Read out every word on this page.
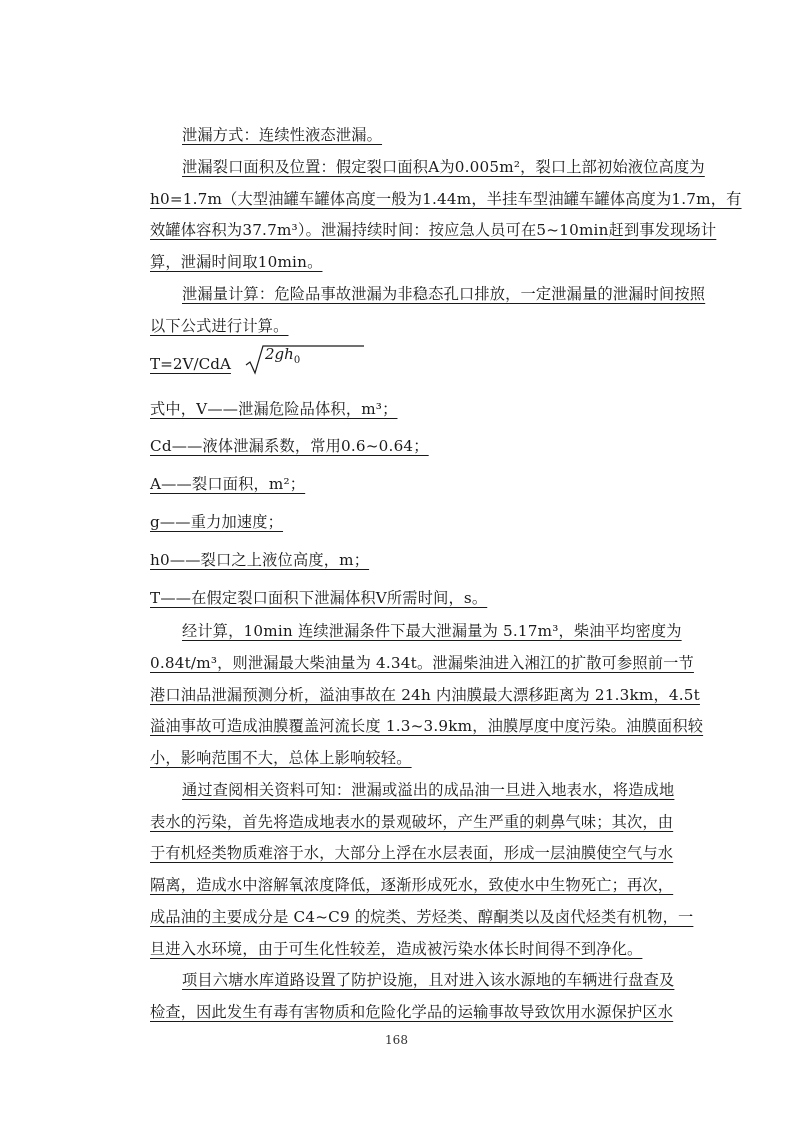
泄漏方式：连续性液态泄漏。
泄漏裂口面积及位置：假定裂口面积A为0.005m²，裂口上部初始液位高度为
h0=1.7m（大型油罐车罐体高度一般为1.44m，半挂车型油罐车罐体高度为1.7m，有
效罐体容积为37.7m³）。泄漏持续时间：按应急人员可在5~10min赶到事发现场计
算，泄漏时间取10min。
泄漏量计算：危险品事故泄漏为非稳态孔口排放，一定泄漏量的泄漏时间按照
以下公式进行计算。
T=2V/CdA
$2gh_0$
式中，V——泄漏危险品体积，m³；
Cd——液体泄漏系数，常用0.6~0.64；
A——裂口面积，m²；
g——重力加速度；
h0——裂口之上液位高度，m；
T——在假定裂口面积下泄漏体积V所需时间，s。
经计算，10min 连续泄漏条件下最大泄漏量为 5.17m³，柴油平均密度为
0.84t/m³，则泄漏最大柴油量为 4.34t。泄漏柴油进入湘江的扩散可参照前一节
港口油品泄漏预测分析，溢油事故在 24h 内油膜最大漂移距离为 21.3km，4.5t
溢油事故可造成油膜覆盖河流长度 1.3~3.9km，油膜厚度中度污染。油膜面积较
小，影响范围不大，总体上影响较轻。
通过查阅相关资料可知：泄漏或溢出的成品油一旦进入地表水，将造成地
表水的污染，首先将造成地表水的景观破坏，产生严重的刺鼻气味；其次，由
于有机烃类物质难溶于水，大部分上浮在水层表面，形成一层油膜使空气与水
隔离，造成水中溶解氧浓度降低，逐渐形成死水，致使水中生物死亡；再次，
成品油的主要成分是 C4~C9 的烷类、芳烃类、醇酮类以及卤代烃类有机物，一
旦进入水环境，由于可生化性较差，造成被污染水体长时间得不到净化。
项目六塘水库道路设置了防护设施，且对进入该水源地的车辆进行盘查及
检查，因此发生有毒有害物质和危险化学品的运输事故导致饮用水源保护区水
168
